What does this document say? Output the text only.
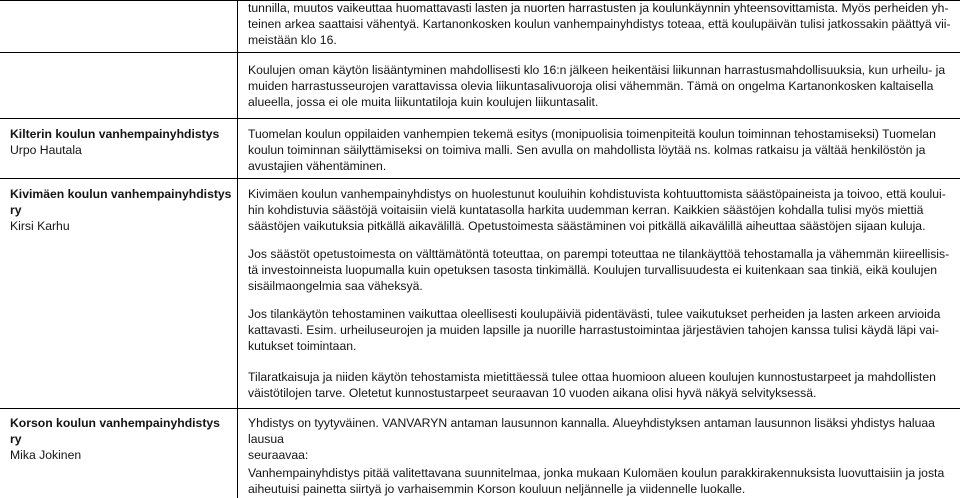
tunnilla, muutos vaikeuttaa huomattavasti lasten ja nuorten harrastusten ja koulunkäynnin yhteensovittamista. Myös perheiden yh-

teinen arkea saattaisi vähentyä. Kartanonkosken koulun vanhempainyhdistys toteaa, että koulupäivän tulisi jatkossakin päättyä vii-

meistään klo 16.

Koulujen oman käytön lisääntyminen mahdollisesti klo 16:n jälkeen heikentäisi liikunnan harrastusmahdollisuuksia, kun urheilu- ja

muiden harrastusseurojen varattavissa olevia liikuntasalivuoroja olisi vähemmän. Tämä on ongelma Kartanonkosken kaltaisella

alueella, jossa ei ole muita liikuntatiloja kuin koulujen liikuntasalit.

Kilterin koulun vanhempainyhdistys

Urpo Hautala

Tuomelan koulun oppilaiden vanhempien tekemä esitys (monipuolisia toimenpiteitä koulun toiminnan tehostamiseksi) Tuomelan

koulun toiminnan säilyttämiseksi on toimiva malli. Sen avulla on mahdollista löytää ns. kolmas ratkaisu ja vältää henkilöstön ja

avustajien vähentäminen.

Kivimäen koulun vanhempainyhdistys

ry

Kirsi Karhu

Kivimäen koulun vanhempainyhdistys on huolestunut kouluihin kohdistuvista kohtuuttomista säästöpaineista ja toivoo, että koului-

hin kohdistuvia säästöjä voitaisiin vielä kuntatasolla harkita uudemman kerran. Kaikkien säästöjen kohdalla tulisi myös miettiä

säästöjen vaikutuksia pitkällä aikavälillä. Opetustoimesta säästäminen voi pitkällä aikavälillä aiheuttaa säästöjen sijaan kuluja.

Jos säästöt opetustoimesta on välttämätöntä toteuttaa, on parempi toteuttaa ne tilankäyttöä tehostamalla ja vähemmän kiireellisis-

tä investoinneista luopumalla kuin opetuksen tasosta tinkimällä. Koulujen turvallisuudesta ei kuitenkaan saa tinkiä, eikä koulujen

sisäilmaongelmia saa väheksyä.

Jos tilankäytön tehostaminen vaikuttaa oleellisesti koulupäiviä pidentävästi, tulee vaikutukset perheiden ja lasten arkeen arvioida

kattavasti. Esim. urheiluseurojen ja muiden lapsille ja nuorille harrastustoimintaa järjestävien tahojen kanssa tulisi käydä läpi vai-

kutukset toimintaan.

Tilaratkaisuja ja niiden käytön tehostamista mietittäessä tulee ottaa huomioon alueen koulujen kunnostustarpeet ja mahdollisten

väistötilojen tarve. Oletetut kunnostustarpeet seuraavan 10 vuoden aikana olisi hyvä näkyä selvityksessä.

Korson koulun vanhempainyhdistys ry

Mika Jokinen

Yhdistys on tyytyväinen. VANVARYN antaman lausunnon kannalla. Alueyhdistyksen antaman lausunnon lisäksi yhdistys haluaa lausua

seuraavaa:

Vanhempainyhdistys pitää valitettavana suunnitelmaa, jonka mukaan Kulomäen koulun parakkirakennuksista luovuttaisiin ja josta

aiheutuisi painetta siirtyä jo varhaisemmin Korson kouluun neljännelle ja viidennelle luokalle.
